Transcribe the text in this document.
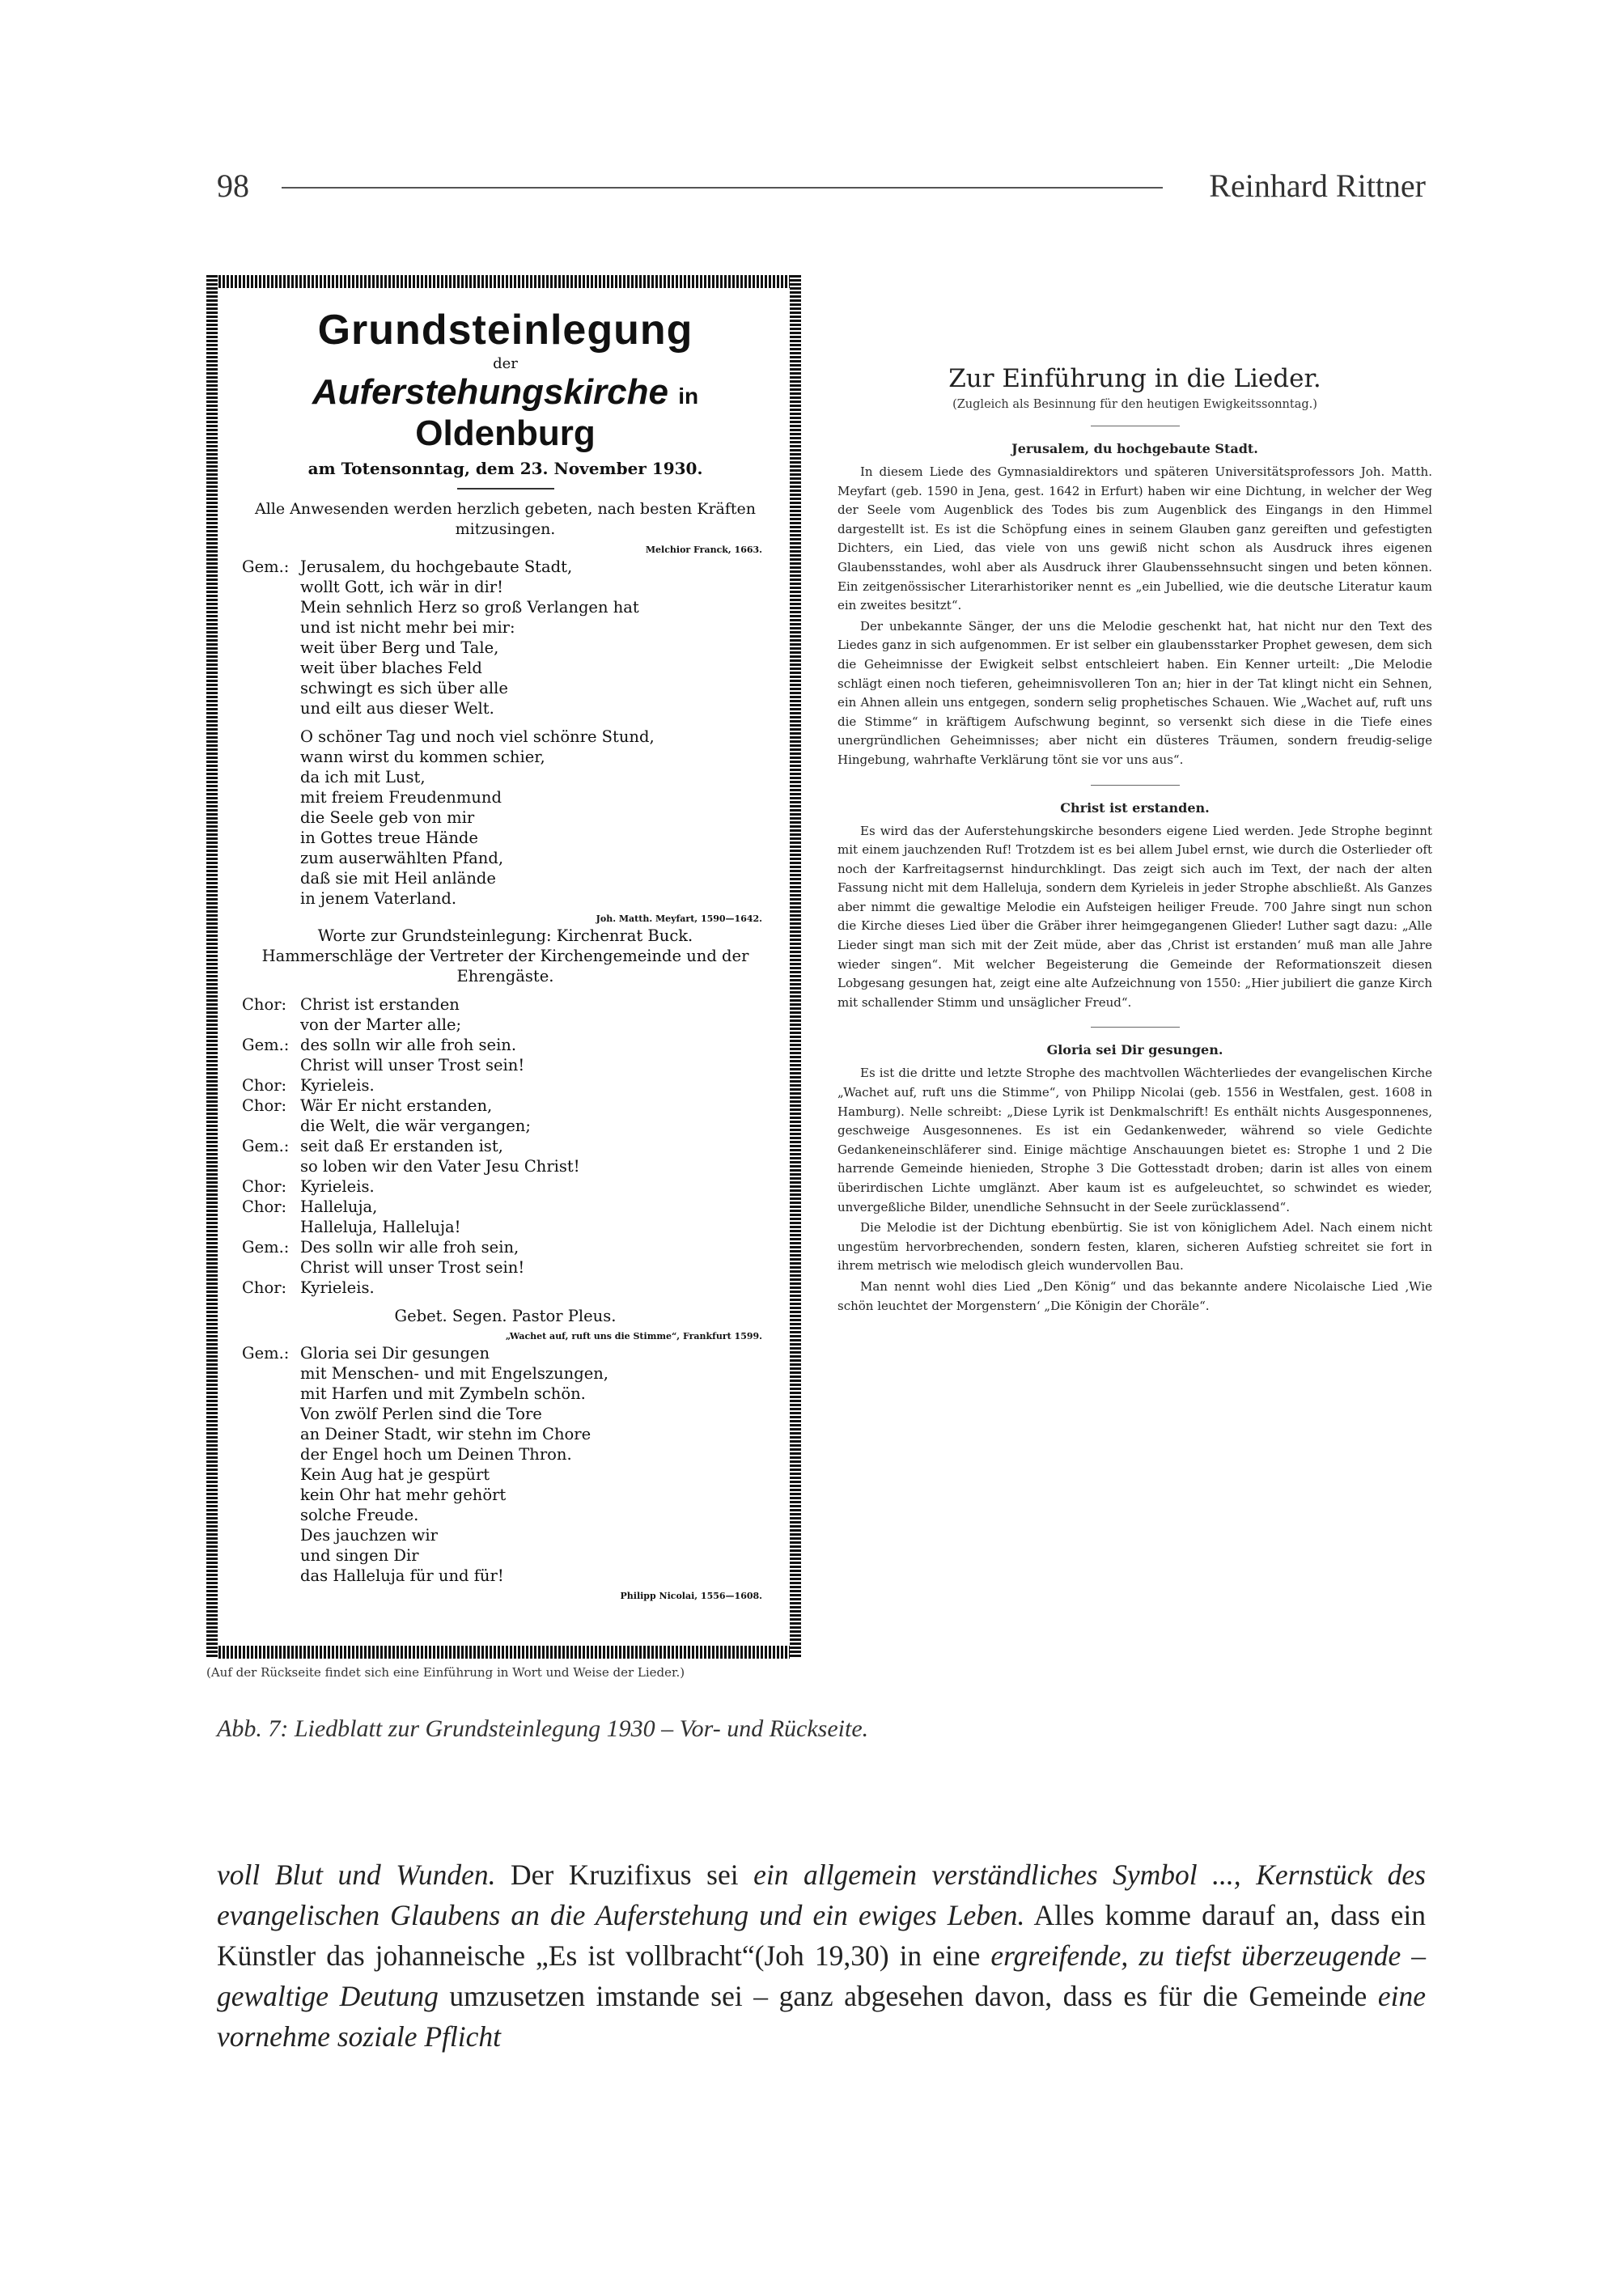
98	Reinhard Rittner
Grundsteinlegung
der
Auferstehungskirche in Oldenburg
am Totensonntag, dem 23. November 1930.
Alle Anwesenden werden herzlich gebeten, nach besten Kräften mitzusingen.
Melchior Franck, 1663.
Gem.: Jerusalem, du hochgebaute Stadt,
wollt Gott, ich wär in dir!
Mein sehnlich Herz so groß Verlangen hat
und ist nicht mehr bei mir:
weit über Berg und Tale,
weit über blaches Feld
schwingt es sich über alle
und eilt aus dieser Welt.
O schöner Tag und noch viel schönre Stund,
wann wirst du kommen schier,
da ich mit Lust,
mit freiem Freudenmund
die Seele geb von mir
in Gottes treue Hände
zum auserwählten Pfand,
daß sie mit Heil anlände
in jenem Vaterland.
Joh. Matth. Meyfart, 1590—1642.
Worte zur Grundsteinlegung: Kirchenrat Buck.
Hammerschläge der Vertreter der Kirchengemeinde und der Ehrengäste.
Chor: Christ ist erstanden
von der Marter alle;
Gem.: des solln wir alle froh sein.
Christ will unser Trost sein!
Chor: Kyrieleis.
Chor: Wär Er nicht erstanden,
die Welt, die wär vergangen;
Gem.: seit daß Er erstanden ist,
so loben wir den Vater Jesu Christ!
Chor: Kyrieleis.
Chor: Halleluja,
Halleluja, Halleluja!
Gem.: Des solln wir alle froh sein,
Christ will unser Trost sein!
Chor: Kyrieleis.
Gebet. Segen. Pastor Pleus.
„Wachet auf, ruft uns die Stimme“, Frankfurt 1599.
Gem.: Gloria sei Dir gesungen
mit Menschen- und mit Engelszungen,
mit Harfen und mit Zymbeln schön.
Von zwölf Perlen sind die Tore
an Deiner Stadt, wir stehn im Chore
der Engel hoch um Deinen Thron.
Kein Aug hat je gespürt
kein Ohr hat mehr gehört
solche Freude.
Des jauchzen wir
und singen Dir
das Halleluja für und für!
Philipp Nicolai, 1556—1608.
(Auf der Rückseite findet sich eine Einführung in Wort und Weise der Lieder.)
Zur Einführung in die Lieder.
(Zugleich als Besinnung für den heutigen Ewigkeitssonntag.)
Jerusalem, du hochgebaute Stadt.
In diesem Liede des Gymnasialdirektors und späteren Universitätsprofessors Joh. Matth. Meyfart (geb. 1590 in Jena, gest. 1642 in Erfurt) haben wir eine Dichtung, in welcher der Weg der Seele vom Augenblick des Todes bis zum Augenblick des Eingangs in den Himmel dargestellt ist. Es ist die Schöpfung eines in seinem Glauben ganz gereiften und gefestigten Dichters, ein Lied, das viele von uns gewiß nicht schon als Ausdruck ihres eigenen Glaubensstandes, wohl aber als Ausdruck ihrer Glaubenssehnsucht singen und beten können. Ein zeitgenössischer Literarhistoriker nennt es „ein Jubellied, wie die deutsche Literatur kaum ein zweites besitzt“.
Der unbekannte Sänger, der uns die Melodie geschenkt hat, hat nicht nur den Text des Liedes ganz in sich aufgenommen. Er ist selber ein glaubensstarker Prophet gewesen, dem sich die Geheimnisse der Ewigkeit selbst entschleiert haben. Ein Kenner urteilt: „Die Melodie schlägt einen noch tieferen, geheimnisvolleren Ton an; hier in der Tat klingt nicht ein Sehnen, ein Ahnen allein uns entgegen, sondern selig prophetisches Schauen. Wie „Wachet auf, ruft uns die Stimme“ in kräftigem Aufschwung beginnt, so versenkt sich diese in die Tiefe eines unergründlichen Geheimnisses; aber nicht ein düsteres Träumen, sondern freudig-selige Hingebung, wahrhafte Verklärung tönt sie vor uns aus“.
Christ ist erstanden.
Es wird das der Auferstehungskirche besonders eigene Lied werden. Jede Strophe beginnt mit einem jauchzenden Ruf! Trotzdem ist es bei allem Jubel ernst, wie durch die Osterlieder oft noch der Karfreitagsernst hindurchklingt. Das zeigt sich auch im Text, der nach der alten Fassung nicht mit dem Halleluja, sondern dem Kyrieleis in jeder Strophe abschließt. Als Ganzes aber nimmt die gewaltige Melodie ein Aufsteigen heiliger Freude. 700 Jahre singt nun schon die Kirche dieses Lied über die Gräber ihrer heimgegangenen Glieder! Luther sagt dazu: „Alle Lieder singt man sich mit der Zeit müde, aber das ‚Christ ist erstanden‘ muß man alle Jahre wieder singen“. Mit welcher Begeisterung die Gemeinde der Reformationszeit diesen Lobgesang gesungen hat, zeigt eine alte Aufzeichnung von 1550: „Hier jubiliert die ganze Kirch mit schallender Stimm und unsäglicher Freud“.
Gloria sei Dir gesungen.
Es ist die dritte und letzte Strophe des machtvollen Wächterliedes der evangelischen Kirche „Wachet auf, ruft uns die Stimme“, von Philipp Nicolai (geb. 1556 in Westfalen, gest. 1608 in Hamburg). Nelle schreibt: „Diese Lyrik ist Denkmalschrift! Es enthält nichts Ausgesponnenes, geschweige Ausgesonnenes. Es ist ein Gedankenweder, während so viele Gedichte Gedankeneinschläferer sind. Einige mächtige Anschauungen bietet es: Strophe 1 und 2 Die harrende Gemeinde hienieden, Strophe 3 Die Gottesstadt droben; darin ist alles von einem überirdischen Lichte umglänzt. Aber kaum ist es aufgeleuchtet, so schwindet es wieder, unvergeßliche Bilder, unendliche Sehnsucht in der Seele zurücklassend“.
Die Melodie ist der Dichtung ebenbürtig. Sie ist von königlichem Adel. Nach einem nicht ungestüm hervorbrechenden, sondern festen, klaren, sicheren Aufstieg schreitet sie fort in ihrem metrisch wie melodisch gleich wundervollen Bau.
Man nennt wohl dies Lied „Den König“ und das bekannte andere Nicolaische Lied ‚Wie schön leuchtet der Morgenstern‘ „Die Königin der Choräle“.
Abb. 7: Liedblatt zur Grundsteinlegung 1930 – Vor- und Rückseite.
voll Blut und Wunden. Der Kruzifixus sei ein allgemein verständliches Symbol ..., Kernstück des evangelischen Glaubens an die Auferstehung und ein ewiges Leben. Alles komme darauf an, dass ein Künstler das johanneische „Es ist vollbracht“(Joh 19,30) in eine ergreifende, zu tiefst überzeugende – gewaltige Deutung umzusetzen imstande sei – ganz abgesehen davon, dass es für die Gemeinde eine vornehme soziale Pflicht
